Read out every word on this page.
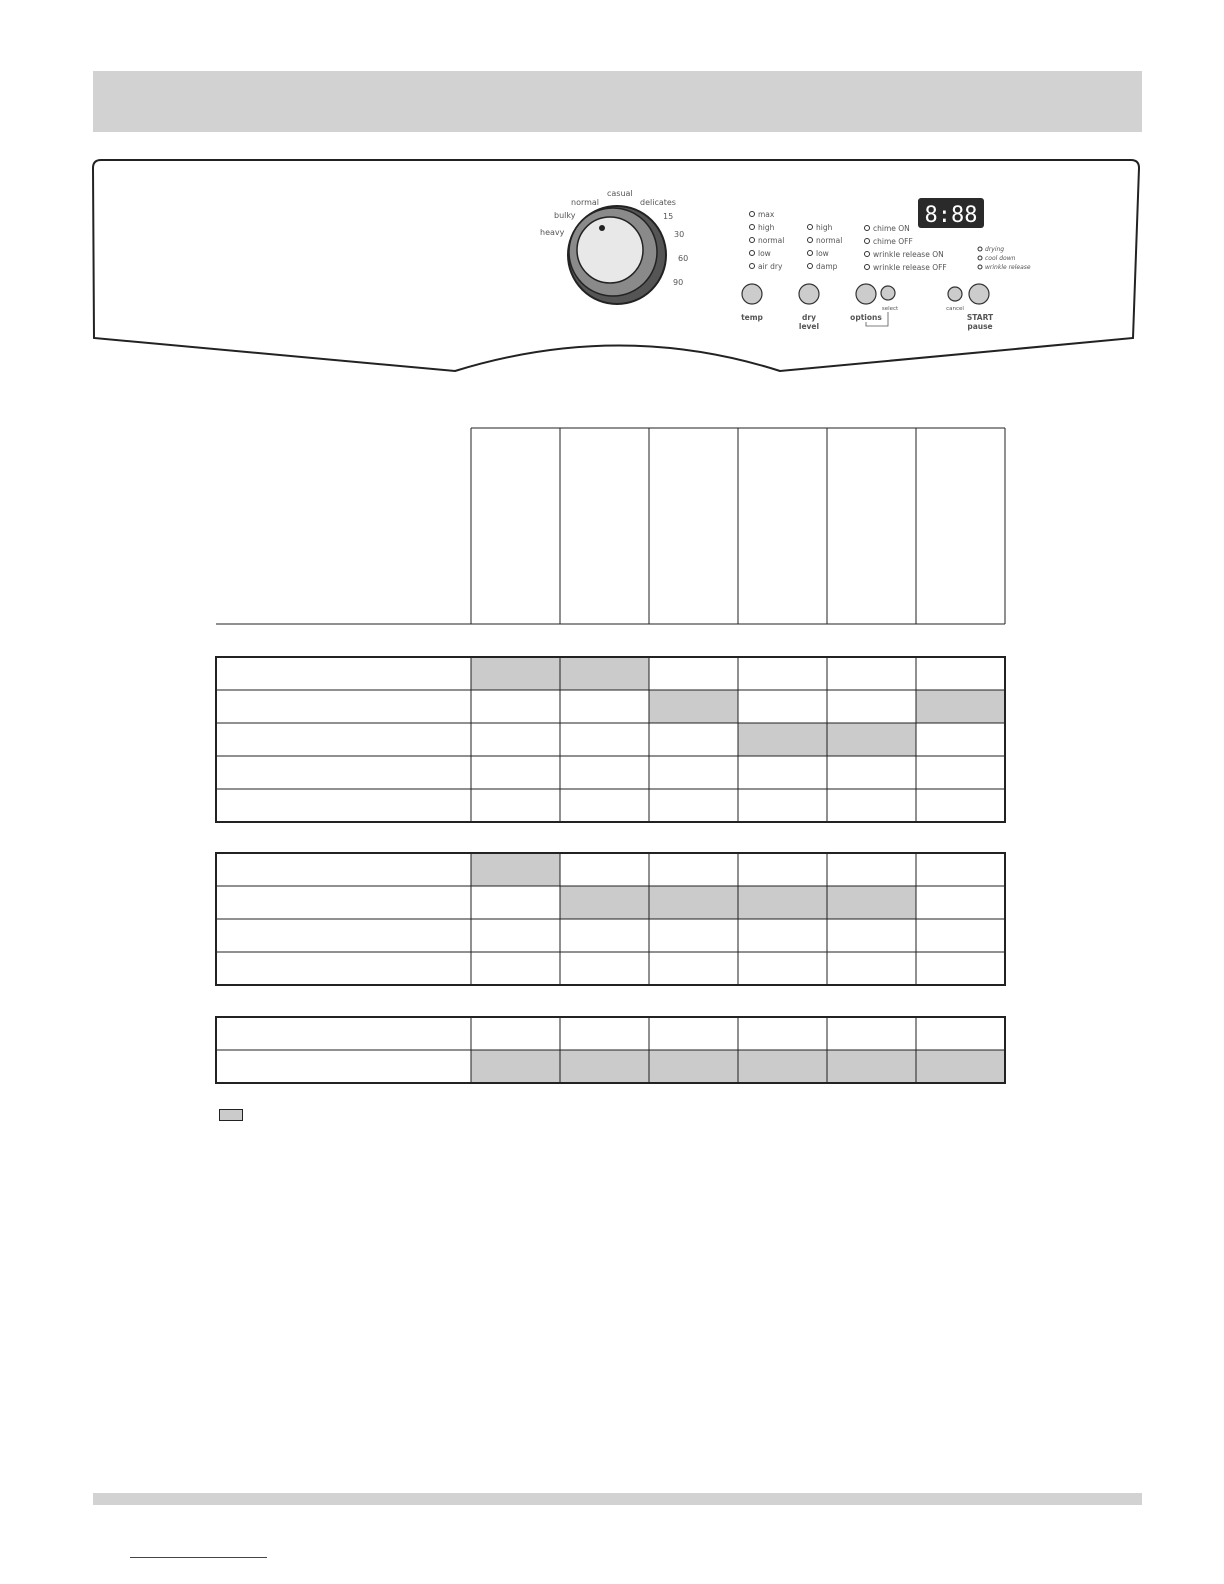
heavy
bulky
normal
casual
delicates
15
30
60
90
max
high
normal
low
air dry
high
normal
low
damp
chime ON
chime OFF
wrinkle release ON
wrinkle release OFF
8:88
drying
cool down
wrinkle release
temp	dry
level
select
options
cancel
START
pause
